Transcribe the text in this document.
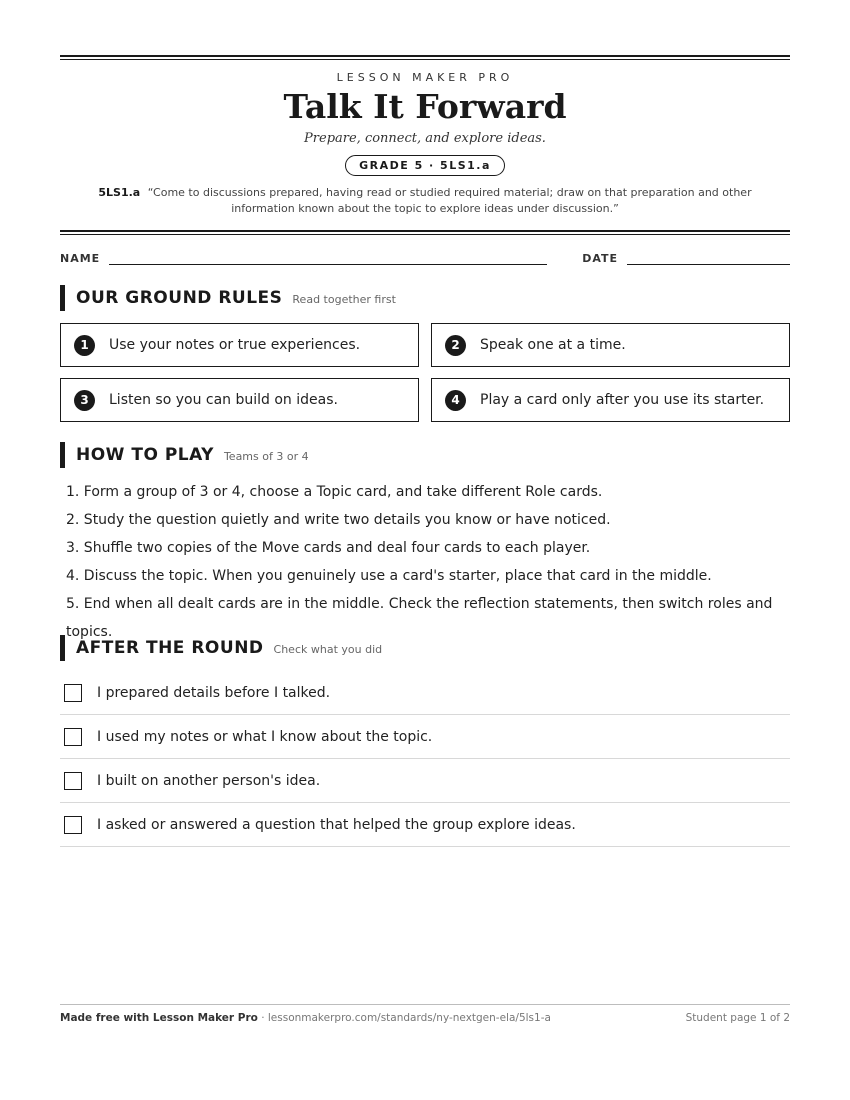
LESSON MAKER PRO
Talk It Forward
Prepare, connect, and explore ideas.
GRADE 5 · 5LS1.a
5LS1.a “Come to discussions prepared, having read or studied required material; draw on that preparation and other information known about the topic to explore ideas under discussion.”
NAME	DATE
OUR GROUND RULES Read together first
1	Use your notes or true experiences.	2	Speak one at a time.
3	Listen so you can build on ideas.	4	Play a card only after you use its starter.
HOW TO PLAY Teams of 3 or 4
1. Form a group of 3 or 4, choose a Topic card, and take different Role cards.
2. Study the question quietly and write two details you know or have noticed.
3. Shuffle two copies of the Move cards and deal four cards to each player.
4. Discuss the topic. When you genuinely use a card's starter, place that card in the middle.
5. End when all dealt cards are in the middle. Check the reflection statements, then switch roles and topics.
AFTER THE ROUND Check what you did
I prepared details before I talked.
I used my notes or what I know about the topic.
I built on another person's idea.
I asked or answered a question that helped the group explore ideas.
Made free with Lesson Maker Pro · lessonmakerpro.com/standards/ny-nextgen-ela/5ls1-a	Student page 1 of 2
